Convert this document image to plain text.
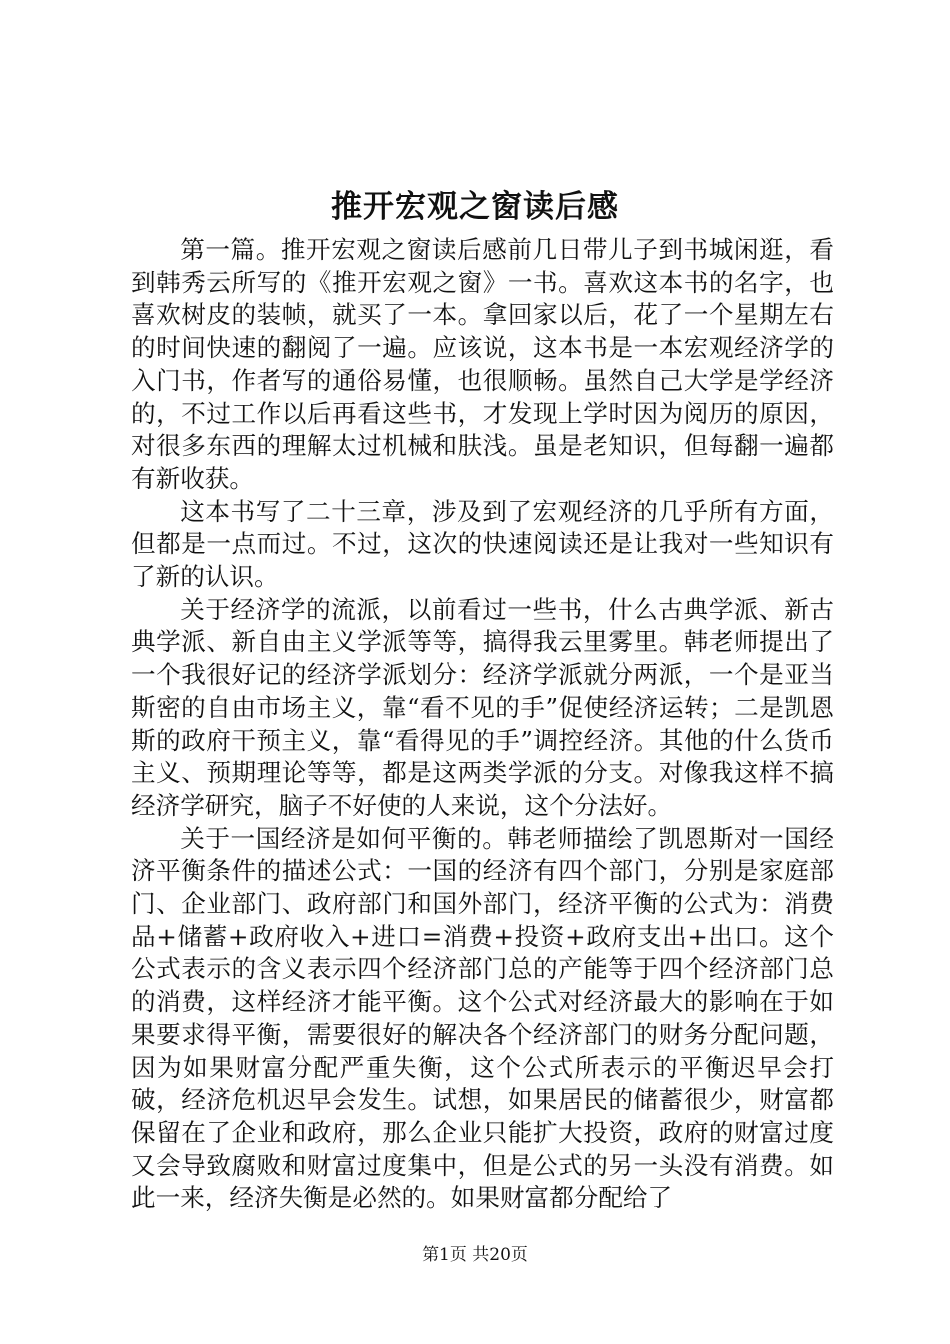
推开宏观之窗读后感

第一篇。推开宏观之窗读后感前几日带儿子到书城闲逛，看到韩秀云所写的《推开宏观之窗》一书。喜欢这本书的名字，也喜欢树皮的装帧，就买了一本。拿回家以后，花了一个星期左右的时间快速的翻阅了一遍。应该说，这本书是一本宏观经济学的入门书，作者写的通俗易懂，也很顺畅。虽然自己大学是学经济的，不过工作以后再看这些书，才发现上学时因为阅历的原因，对很多东西的理解太过机械和肤浅。虽是老知识，但每翻一遍都有新收获。

这本书写了二十三章，涉及到了宏观经济的几乎所有方面，但都是一点而过。不过，这次的快速阅读还是让我对一些知识有了新的认识。

关于经济学的流派，以前看过一些书，什么古典学派、新古典学派、新自由主义学派等等，搞得我云里雾里。韩老师提出了一个我很好记的经济学派划分：经济学派就分两派，一个是亚当斯密的自由市场主义，靠“看不见的手”促使经济运转；二是凯恩斯的政府干预主义，靠“看得见的手”调控经济。其他的什么货币主义、预期理论等等，都是这两类学派的分支。对像我这样不搞经济学研究，脑子不好使的人来说，这个分法好。

关于一国经济是如何平衡的。韩老师描绘了凯恩斯对一国经济平衡条件的描述公式：一国的经济有四个部门，分别是家庭部门、企业部门、政府部门和国外部门，经济平衡的公式为：消费品+储蓄+政府收入+进口=消费+投资+政府支出+出口。这个公式表示的含义表示四个经济部门总的产能等于四个经济部门总的消费，这样经济才能平衡。这个公式对经济最大的影响在于如果要求得平衡，需要很好的解决各个经济部门的财务分配问题，因为如果财富分配严重失衡，这个公式所表示的平衡迟早会打破，经济危机迟早会发生。试想，如果居民的储蓄很少，财富都保留在了企业和政府，那么企业只能扩大投资，政府的财富过度又会导致腐败和财富过度集中，但是公式的另一头没有消费。如此一来，经济失衡是必然的。如果财富都分配给了

第1页 共20页
